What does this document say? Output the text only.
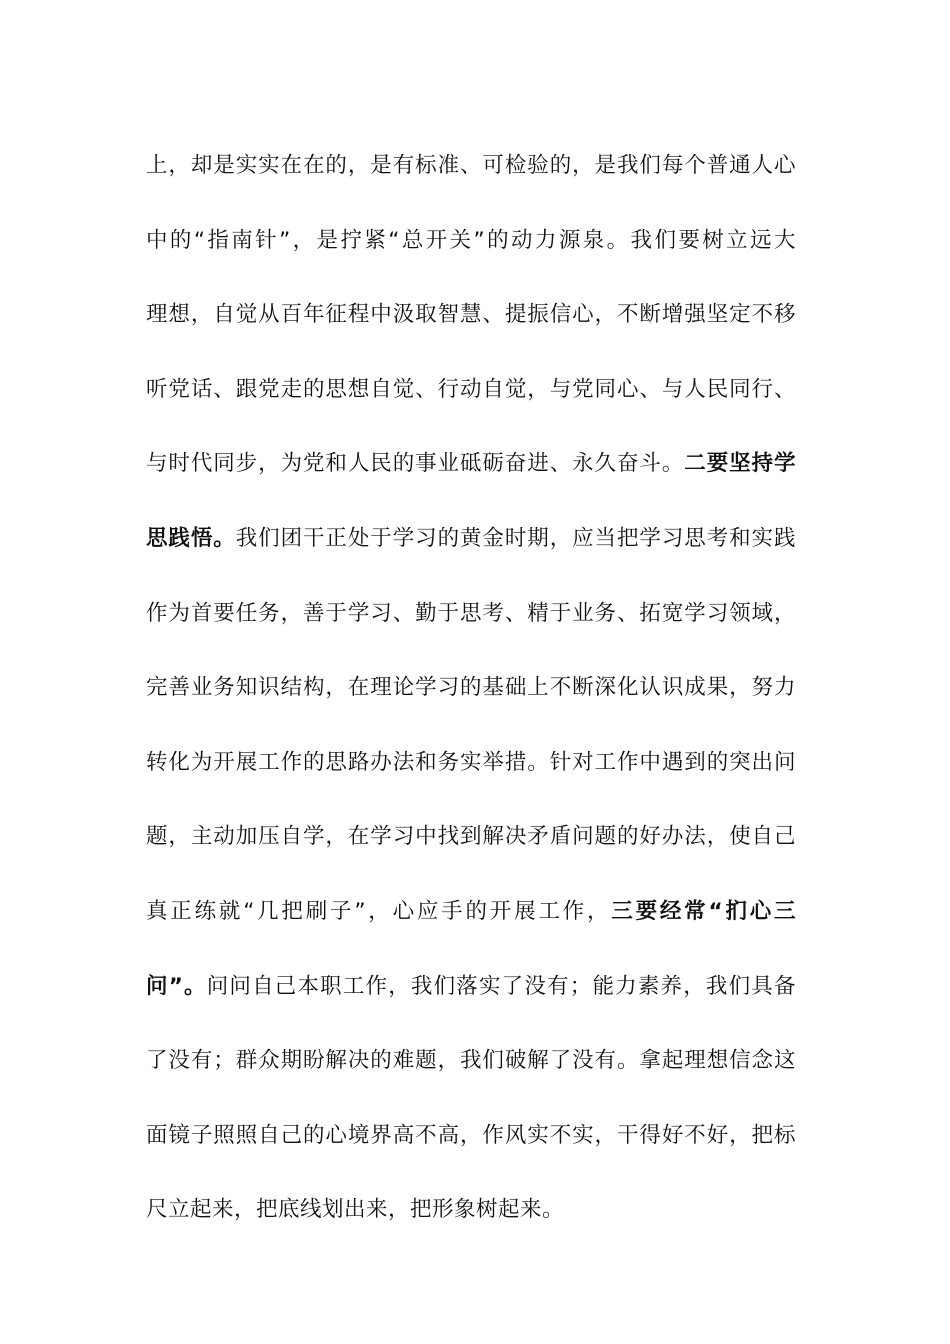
上，却是实实在在的，是有标准、可检验的，是我们每个普通人心
中的“指南针”，是拧紧“总开关”的动力源泉。我们要树立远大
理想，自觉从百年征程中汲取智慧、提振信心，不断增强坚定不移
听党话、跟党走的思想自觉、行动自觉，与党同心、与人民同行、
与时代同步，为党和人民的事业砥砺奋进、永久奋斗。二要坚持学
思践悟。我们团干正处于学习的黄金时期，应当把学习思考和实践
作为首要任务，善于学习、勤于思考、精于业务、拓宽学习领域，
完善业务知识结构，在理论学习的基础上不断深化认识成果，努力
转化为开展工作的思路办法和务实举措。针对工作中遇到的突出问
题，主动加压自学，在学习中找到解决矛盾问题的好办法，使自己
真正练就“几把刷子”，心应手的开展工作，三要经常“扪心三
问”。问问自己本职工作，我们落实了没有；能力素养，我们具备
了没有；群众期盼解决的难题，我们破解了没有。拿起理想信念这
面镜子照照自己的心境界高不高，作风实不实，干得好不好，把标
尺立起来，把底线划出来，把形象树起来。
